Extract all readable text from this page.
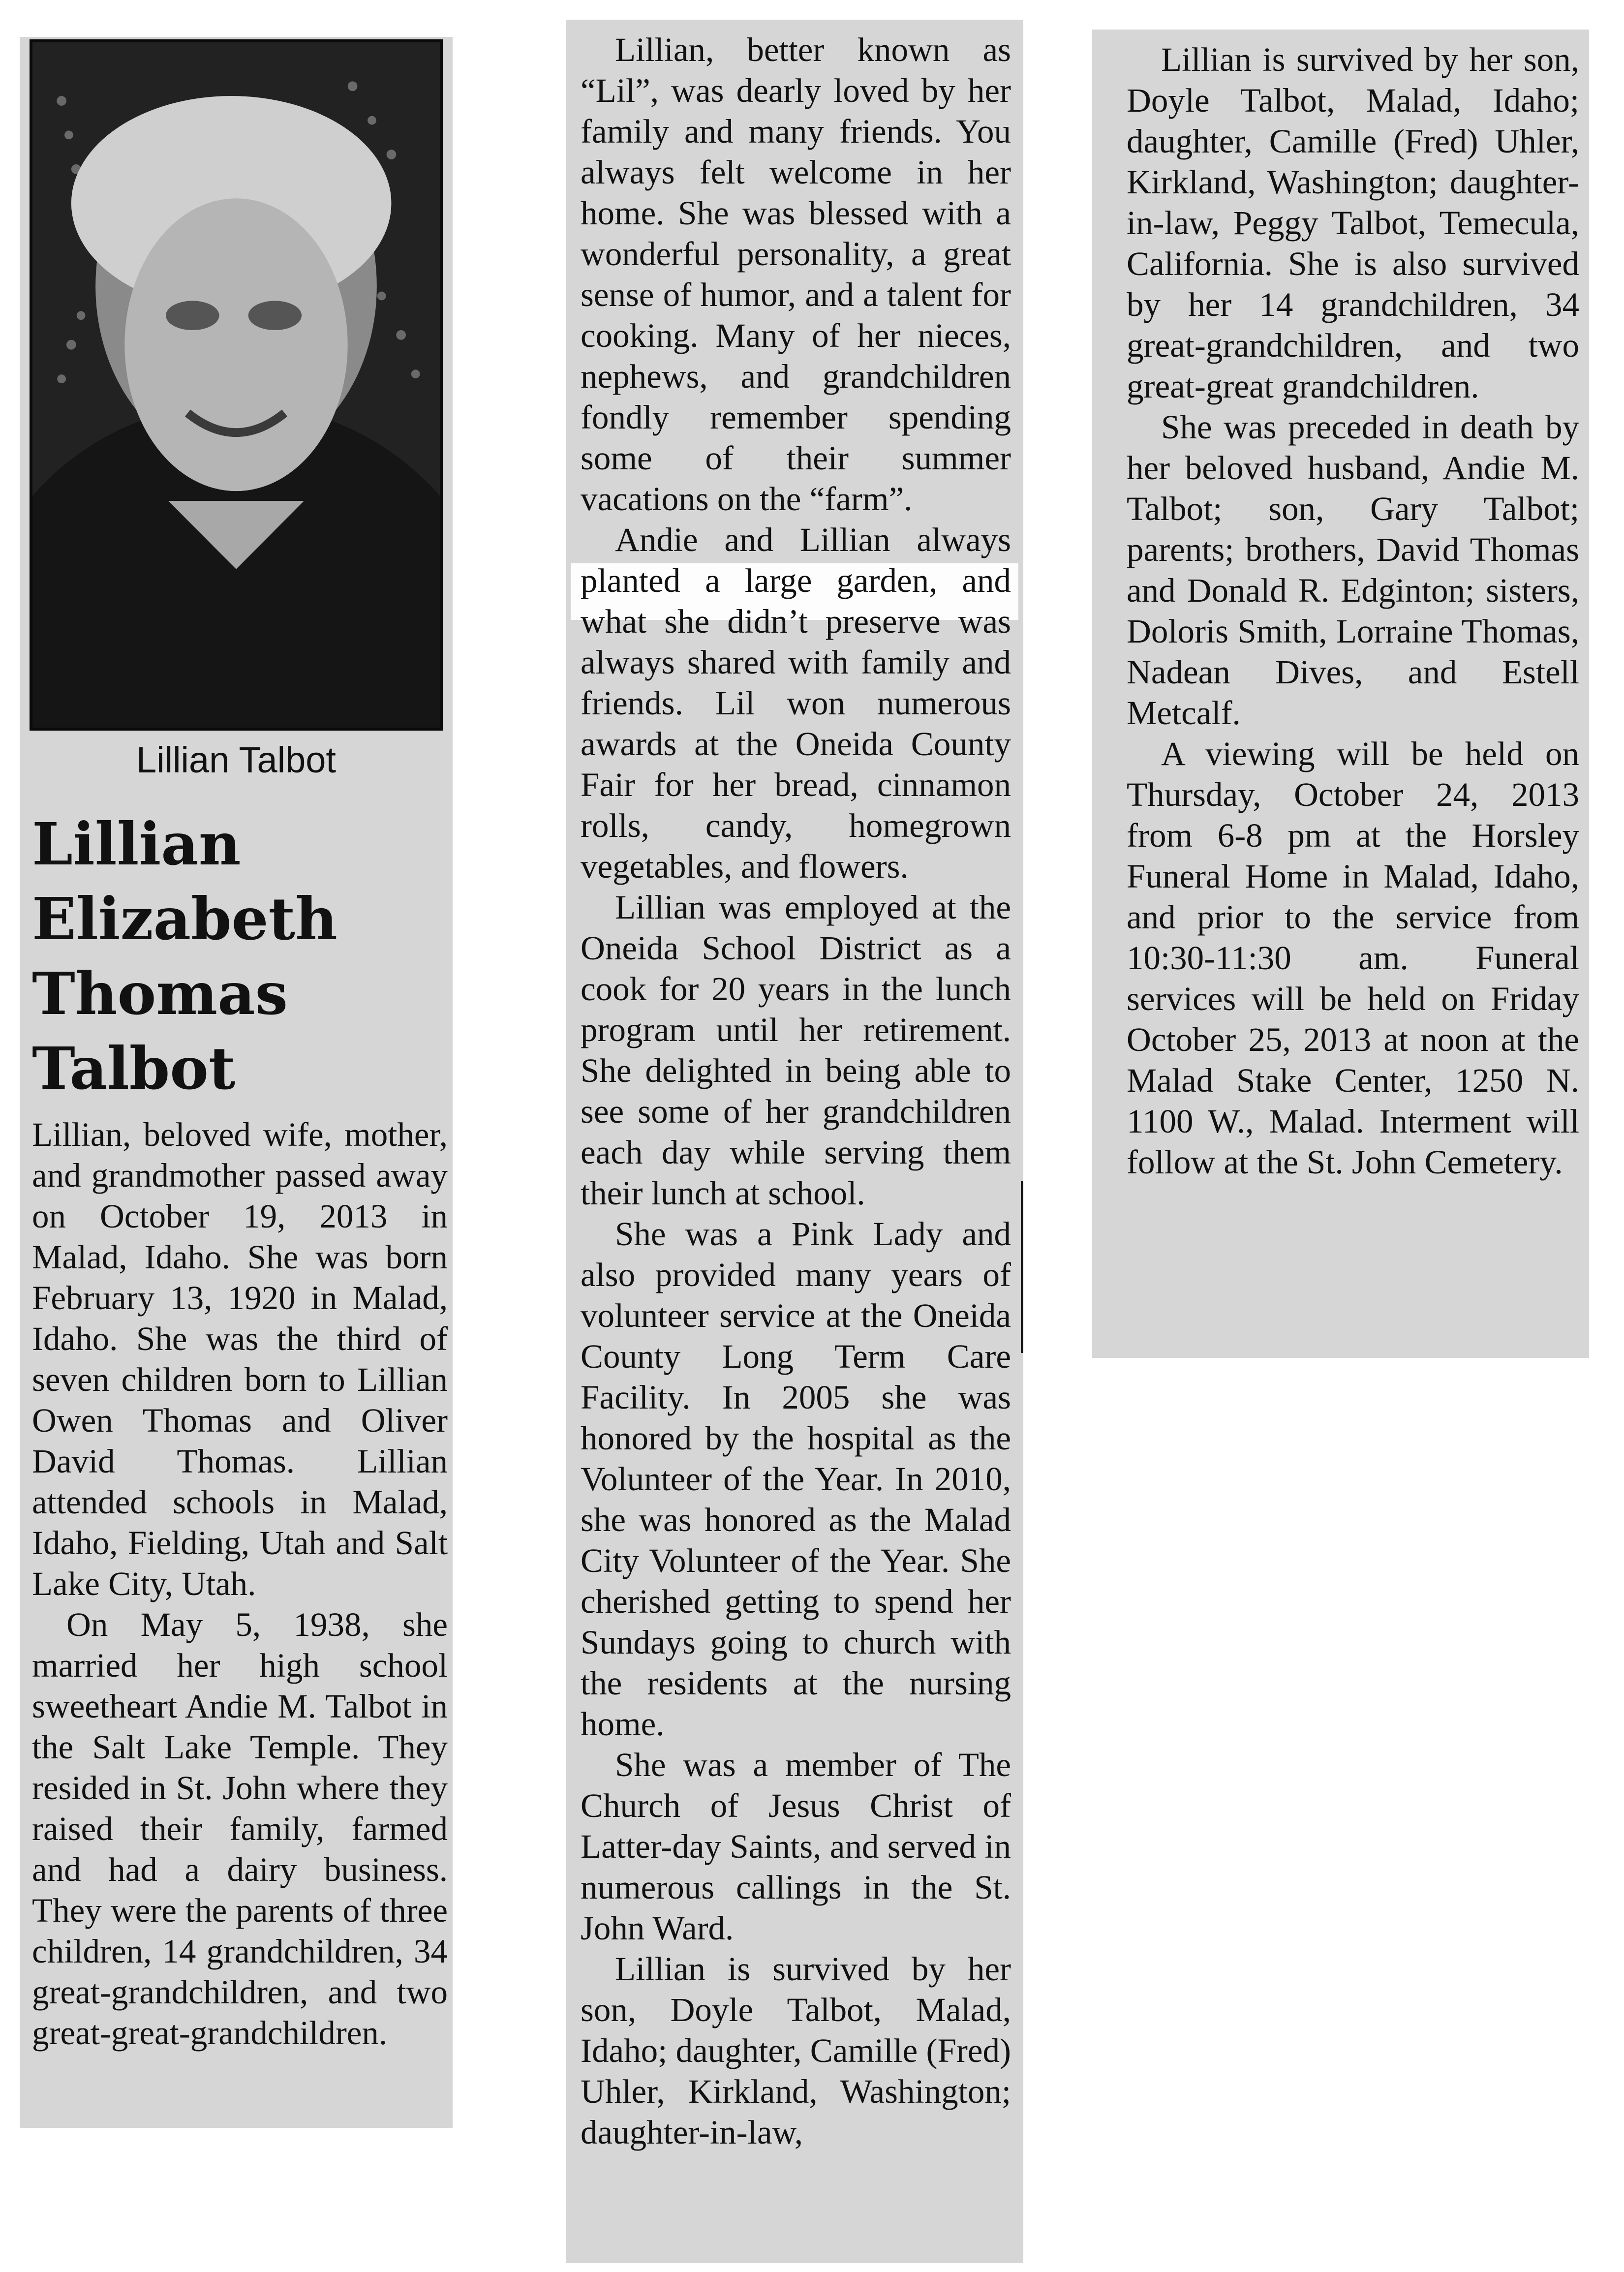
Lillian Talbot
Lillian
Elizabeth
Thomas
Talbot

Lillian, beloved wife, mother, and grandmother passed away on October 19, 2013 in Malad, Idaho. She was born February 13, 1920 in Malad, Idaho. She was the third of seven children born to Lillian Owen Thomas and Oliver David Thomas. Lillian attended schools in Malad, Idaho, Fielding, Utah and Salt Lake City, Utah.

On May 5, 1938, she married her high school sweetheart Andie M. Talbot in the Salt Lake Temple. They resided in St. John where they raised their family, farmed and had a dairy business. They were the parents of three children, 14 grandchildren, 34 great-grandchildren, and two great-great-grandchildren.

Lillian, better known as “Lil”, was dearly loved by her family and many friends. You always felt welcome in her home. She was blessed with a wonderful personality, a great sense of humor, and a talent for cooking. Many of her nieces, nephews, and grandchildren fondly remember spending some of their summer vacations on the “farm”.

Andie and Lillian always planted a large garden, and what she didn’t preserve was always shared with family and friends. Lil won numerous awards at the Oneida County Fair for her bread, cinnamon rolls, candy, homegrown vegetables, and flowers.

Lillian was employed at the Oneida School District as a cook for 20 years in the lunch program until her retirement. She delighted in being able to see some of her grandchildren each day while serving them their lunch at school.

She was a Pink Lady and also provided many years of volunteer service at the Oneida County Long Term Care Facility. In 2005 she was honored by the hospital as the Volunteer of the Year. In 2010, she was honored as the Malad City Volunteer of the Year. She cherished getting to spend her Sundays going to church with the residents at the nursing home.

She was a member of The Church of Jesus Christ of Latter-day Saints, and served in numerous callings in the St. John Ward.

Lillian is survived by her son, Doyle Talbot, Malad, Idaho; daughter, Camille (Fred) Uhler, Kirkland, Washington; daughter-in-law,

Lillian is survived by her son, Doyle Talbot, Malad, Idaho; daughter, Camille (Fred) Uhler, Kirkland, Washington; daughter-in-law, Peggy Talbot, Temecula, California. She is also survived by her 14 grandchildren, 34 great-grandchildren, and two great-great grandchildren.

She was preceded in death by her beloved husband, Andie M. Talbot; son, Gary Talbot; parents; brothers, David Thomas and Donald R. Edginton; sisters, Doloris Smith, Lorraine Thomas, Nadean Dives, and Estell Metcalf.

A viewing will be held on Thursday, October 24, 2013 from 6-8 pm at the Horsley Funeral Home in Malad, Idaho, and prior to the service from 10:30-11:30 am. Funeral services will be held on Friday October 25, 2013 at noon at the Malad Stake Center, 1250 N. 1100 W., Malad. Interment will follow at the St. John Cemetery.
